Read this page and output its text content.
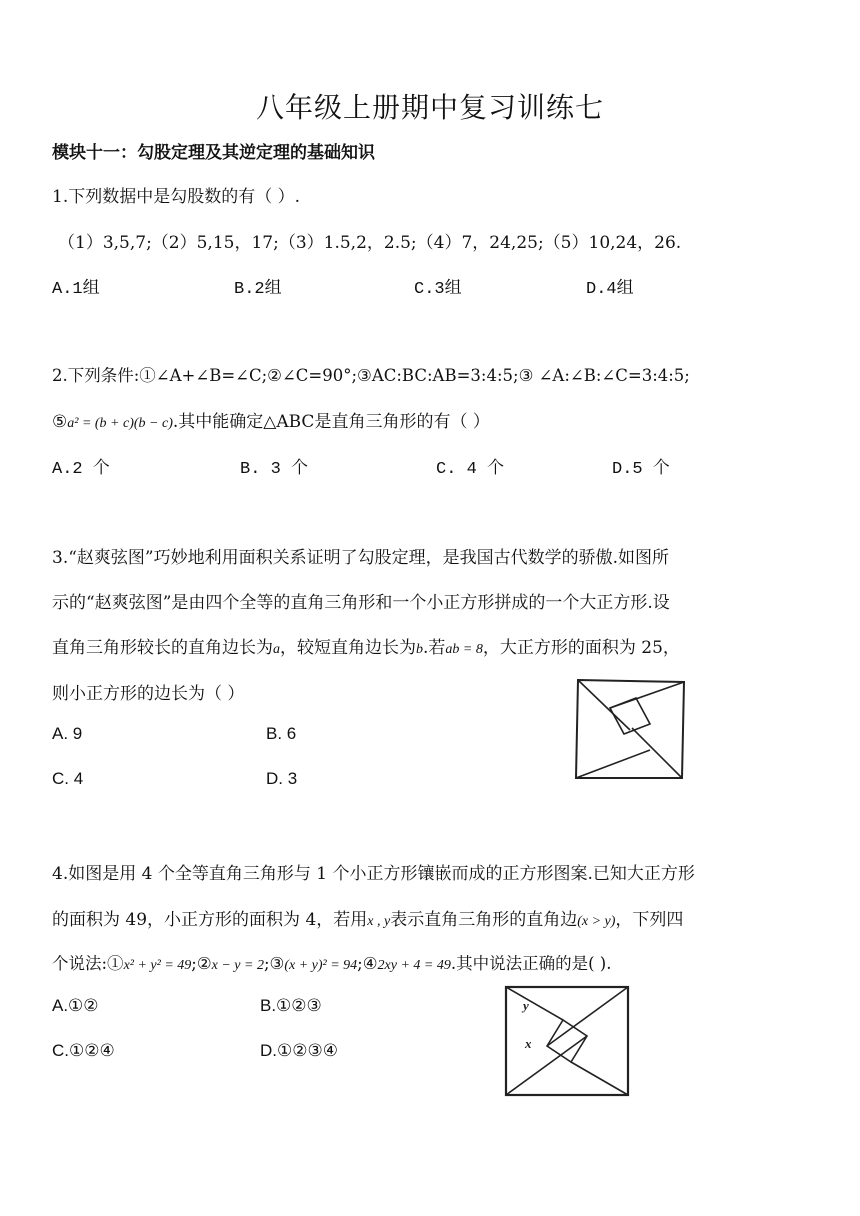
八年级上册期中复习训练七
模块十一：勾股定理及其逆定理的基础知识
1.下列数据中是勾股数的有（ ）.
（1）3,5,7;（2）5,15，17;（3）1.5,2，2.5;（4）7，24,25;（5）10,24，26.
A.1组	B.2组	C.3组	D.4组
2.下列条件:①∠A+∠B=∠C;②∠C=90°;③AC:BC:AB=3:4:5;③ ∠A:∠B:∠C=3:4:5;
⑤a² = (b + c)(b − c).其中能确定△ABC是直角三角形的有（ ）
A.2 个	B. 3 个	C. 4 个	D.5 个
3.“赵爽弦图”巧妙地利用面积关系证明了勾股定理，是我国古代数学的骄傲.如图所
示的“赵爽弦图”是由四个全等的直角三角形和一个小正方形拼成的一个大正方形.设
直角三角形较长的直角边长为a，较短直角边长为b.若ab = 8，大正方形的面积为 25，
则小正方形的边长为（ ）
A. 9	B. 6
C. 4	D. 3
4.如图是用 4 个全等直角三角形与 1 个小正方形镶嵌而成的正方形图案.已知大正方形
的面积为 49，小正方形的面积为 4，若用x , y表示直角三角形的直角边(x > y)，下列四
个说法:①x² + y² = 49;②x − y = 2;③(x + y)² = 94;④2xy + 4 = 49.其中说法正确的是( ).
A.①②	B.①②③
C.①②④	D.①②③④
y
x
